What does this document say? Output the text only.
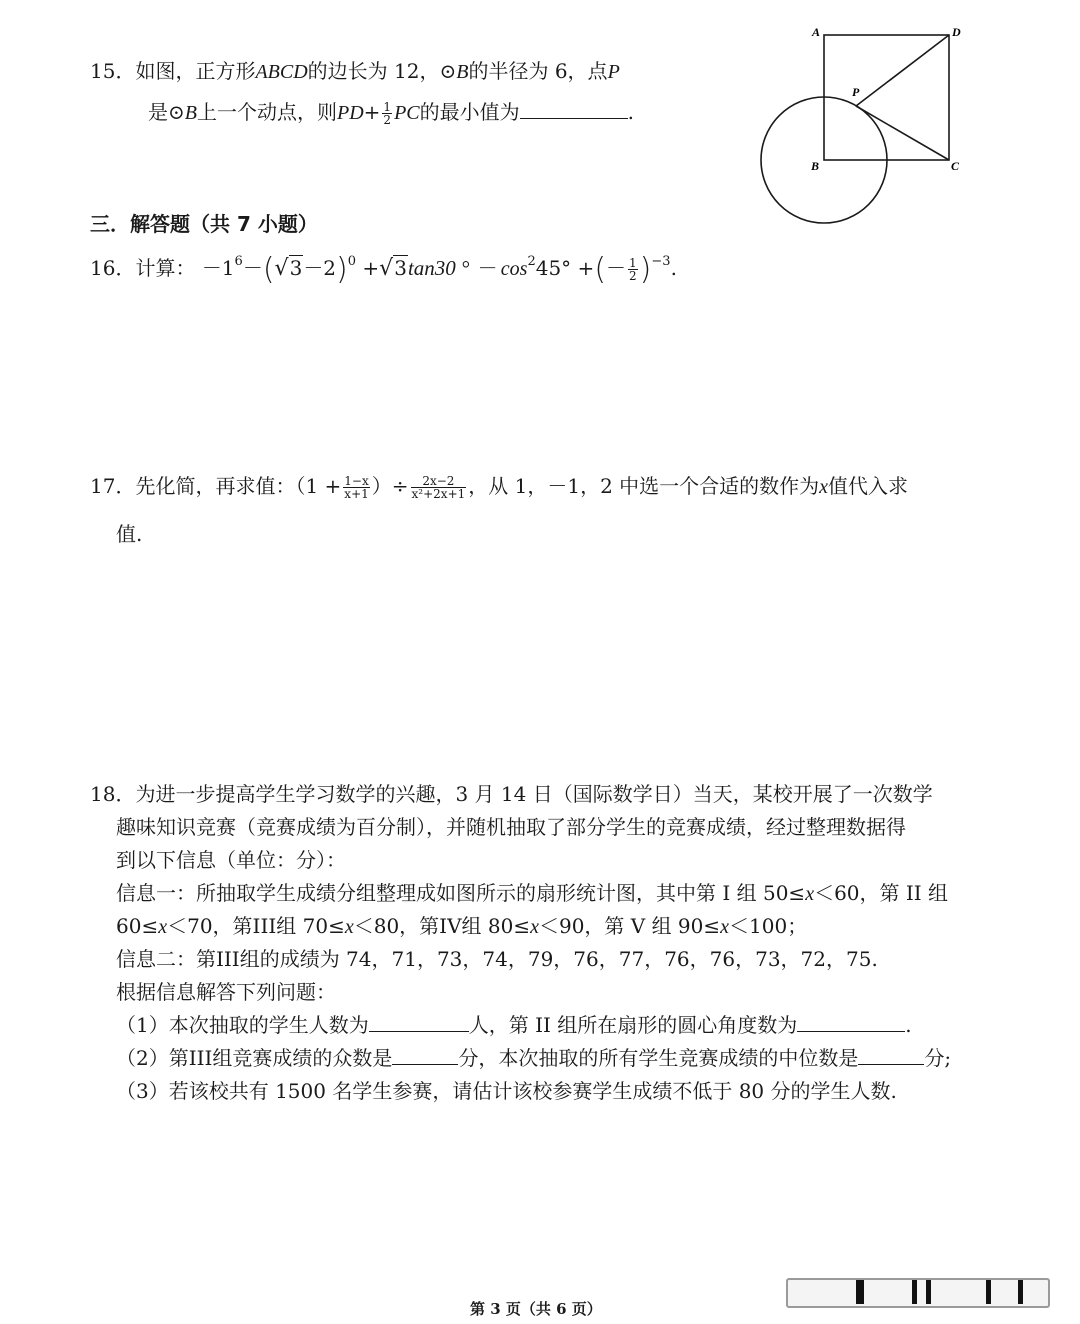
15．如图，正方形ABCD的边长为 12，⊙B的半径为 6，点P
是⊙B上一个动点，则$PD+ \frac{1}{2}$ PC的最小值为	.
A	D
P
B	C
三．解答题（共 7 小题）
16．计算： $-1^6-(√3-2)^0 +√3\tan 30$ ° － $\cos^245^\circ$ +(－ $\frac{1}{2} )^{-3}$.
17．先化简，再求值：（$1 + \frac{1-x}{x+1}$ ）÷ $\frac{2x-2}{\text{x²+2x+1}}$ ，从 1，－1，2 中选一个合适的数作为x值代入求
值.
18．为进一步提高学生学习数学的兴趣，3 月 14 日（国际数学日）当天，某校开展了一次数学
趣味知识竞赛（竞赛成绩为百分制），并随机抽取了部分学生的竞赛成绩，经过整理数据得
到以下信息（单位：分）：
信息一：所抽取学生成绩分组整理成如图所示的扇形统计图，其中第 I 组 50≤x＜60，第 II 组
60≤x＜70，第III组 70≤x＜80，第IV组 80≤x＜90，第 V 组 90≤x＜100；
信息二：第III组的成绩为 74，71，73，74，79，76，77，76，76，73，72，75.
根据信息解答下列问题：
（1）本次抽取的学生人数为	人，第 II 组所在扇形的圆心角度数为	.
（2）第III组竞赛成绩的众数是	分，本次抽取的所有学生竞赛成绩的中位数是	分;
（3）若该校共有 1500 名学生参赛，请估计该校参赛学生成绩不低于 80 分的学生人数.
第 3 页（共 6 页）
